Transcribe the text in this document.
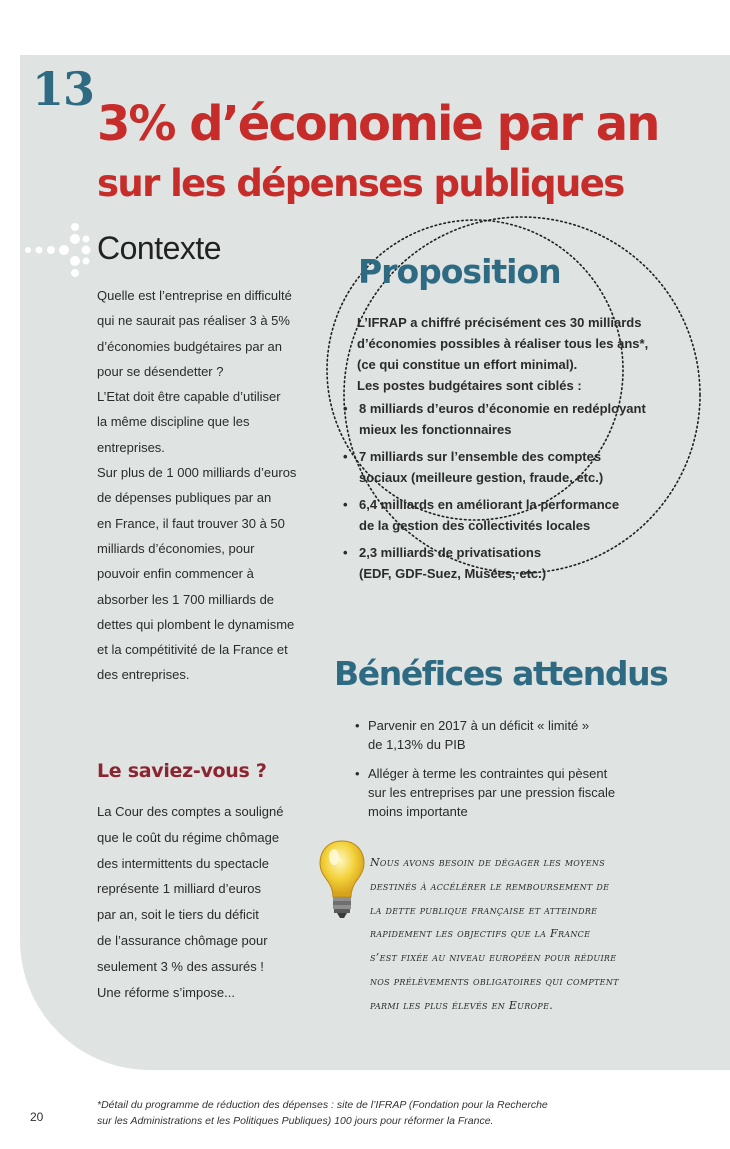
13
3% d’économie par an
sur les dépenses publiques
Contexte
Quelle est l’entreprise en difficulté
qui ne saurait pas réaliser 3 à 5%
d’économies budgétaires par an
pour se désendetter ?
L’Etat doit être capable d’utiliser
la même discipline que les
entreprises.
Sur plus de 1 000 milliards d’euros
de dépenses publiques par an
en France, il faut trouver 30 à 50
milliards d’économies, pour
pouvoir enfin commencer à
absorber les 1 700 milliards de
dettes qui plombent le dynamisme
et la compétitivité de la France et
des entreprises.
Proposition
L’IFRAP a chiffré précisément ces 30 milliards
d’économies possibles à réaliser tous les ans*,
(ce qui constitue un effort minimal).
Les postes budgétaires sont ciblés :
• 8 milliards d’euros d’économie en redéployant
mieux les fonctionnaires
• 7 milliards sur l’ensemble des comptes
sociaux (meilleure gestion, fraude, etc.)
• 6,4 milliards en améliorant la performance
de la gestion des collectivités locales
• 2,3 milliards de privatisations
(EDF, GDF-Suez, Musées, etc.)
Bénéfices attendus
• Parvenir en 2017 à un déficit « limité »
de 1,13% du PIB
• Alléger à terme les contraintes qui pèsent
sur les entreprises par une pression fiscale
moins importante
Le saviez-vous ?
La Cour des comptes a souligné
que le coût du régime chômage
des intermittents du spectacle
représente 1 milliard d’euros
par an, soit le tiers du déficit
de l’assurance chômage pour
seulement 3 % des assurés !
Une réforme s’impose...
Nous avons besoin de dégager les moyens
destinés à accélérer le remboursement de
la dette publique française et atteindre
rapidement les objectifs que la France
s’est fixée au niveau européen pour réduire
nos prélèvements obligatoires qui comptent
parmi les plus élevés en Europe.
20
*Détail du programme de réduction des dépenses : site de l’IFRAP (Fondation pour la Recherche
sur les Administrations et les Politiques Publiques) 100 jours pour réformer la France.
